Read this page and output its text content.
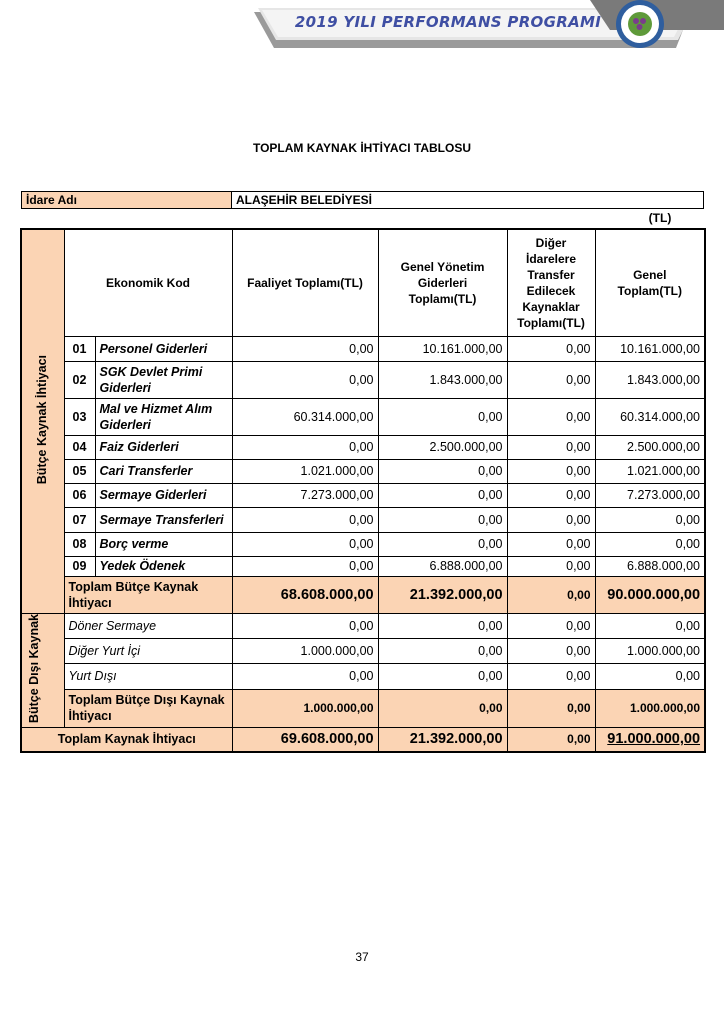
2019 YILI PERFORMANS PROGRAMI
TOPLAM KAYNAK İHTİYACI TABLOSU
İdare Adı	ALAŞEHİR BELEDİYESİ
(TL)
Bütçe Kaynak İhtiyacı	Ekonomik Kod		Faaliyet Toplamı(TL)	Genel Yönetim Giderleri Toplamı(TL)	Diğer İdarelere Transfer Edilecek Kaynaklar Toplamı(TL)	Genel Toplam(TL)
	01	Personel Giderleri	0,00	10.161.000,00	0,00	10.161.000,00
	02	SGK Devlet Primi Giderleri	0,00	1.843.000,00	0,00	1.843.000,00
	03	Mal ve Hizmet Alım Giderleri	60.314.000,00	0,00	0,00	60.314.000,00
	04	Faiz Giderleri	0,00	2.500.000,00	0,00	2.500.000,00
	05	Cari Transferler	1.021.000,00	0,00	0,00	1.021.000,00
	06	Sermaye Giderleri	7.273.000,00	0,00	0,00	7.273.000,00
	07	Sermaye Transferleri	0,00	0,00	0,00	0,00
	08	Borç verme	0,00	0,00	0,00	0,00
	09	Yedek Ödenek	0,00	6.888.000,00	0,00	6.888.000,00
	Toplam Bütçe Kaynak İhtiyacı		68.608.000,00	21.392.000,00	0,00	90.000.000,00
Bütçe Dışı Kaynak	Döner Sermaye		0,00	0,00	0,00	0,00
	Diğer Yurt İçi		1.000.000,00	0,00	0,00	1.000.000,00
	Yurt Dışı		0,00	0,00	0,00	0,00
	Toplam Bütçe Dışı Kaynak İhtiyacı		1.000.000,00	0,00	0,00	1.000.000,00
Toplam Kaynak İhtiyacı			69.608.000,00	21.392.000,00	0,00	91.000.000,00
37
